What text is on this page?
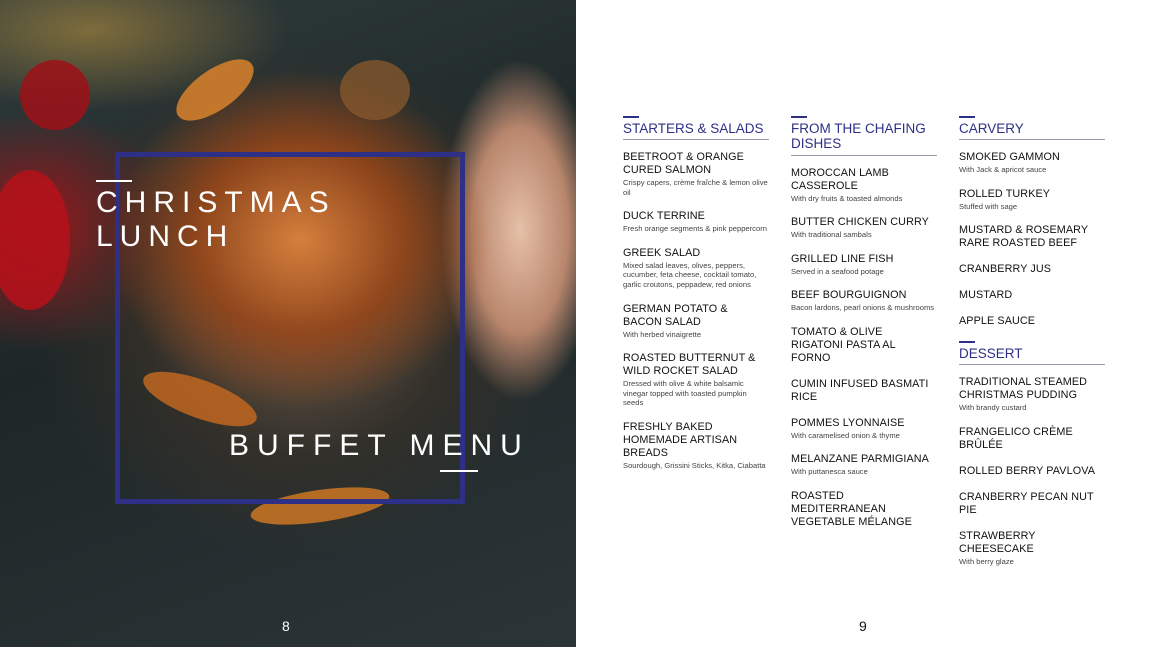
CHRISTMAS
LUNCH
BUFFET MENU
8
STARTERS & SALADS
BEETROOT & ORANGE CURED SALMON
Crispy capers, crème fraîche & lemon olive oil
DUCK TERRINE
Fresh orange segments & pink peppercorn
GREEK SALAD
Mixed salad leaves, olives, peppers, cucumber, feta cheese, cocktail tomato, garlic croutons, peppadew, red onions
GERMAN POTATO & BACON SALAD
With herbed vinaigrette
ROASTED BUTTERNUT & WILD ROCKET SALAD
Dressed with olive & white balsamic vinegar topped with toasted pumpkin seeds
FRESHLY BAKED HOMEMADE ARTISAN BREADS
Sourdough, Grissini Sticks, Kitka, Ciabatta
FROM THE CHAFING DISHES
MOROCCAN LAMB CASSEROLE
With dry fruits & toasted almonds
BUTTER CHICKEN CURRY
With traditional sambals
GRILLED LINE FISH
Served in a seafood potage
BEEF BOURGUIGNON
Bacon lardons, pearl onions & mushrooms
TOMATO & OLIVE RIGATONI PASTA AL FORNO
CUMIN INFUSED BASMATI RICE
POMMES LYONNAISE
With caramelised onion & thyme
MELANZANE PARMIGIANA
With puttanesca sauce
ROASTED MEDITERRANEAN VEGETABLE MÉLANGE
CARVERY
SMOKED GAMMON
With Jack & apricot sauce
ROLLED TURKEY
Stuffed with sage
MUSTARD & ROSEMARY RARE ROASTED BEEF
CRANBERRY JUS
MUSTARD
APPLE SAUCE
DESSERT
TRADITIONAL STEAMED CHRISTMAS PUDDING
With brandy custard
FRANGELICO CRÈME BRÛLÉE
ROLLED BERRY PAVLOVA
CRANBERRY PECAN NUT PIE
STRAWBERRY CHEESECAKE
With berry glaze
9
